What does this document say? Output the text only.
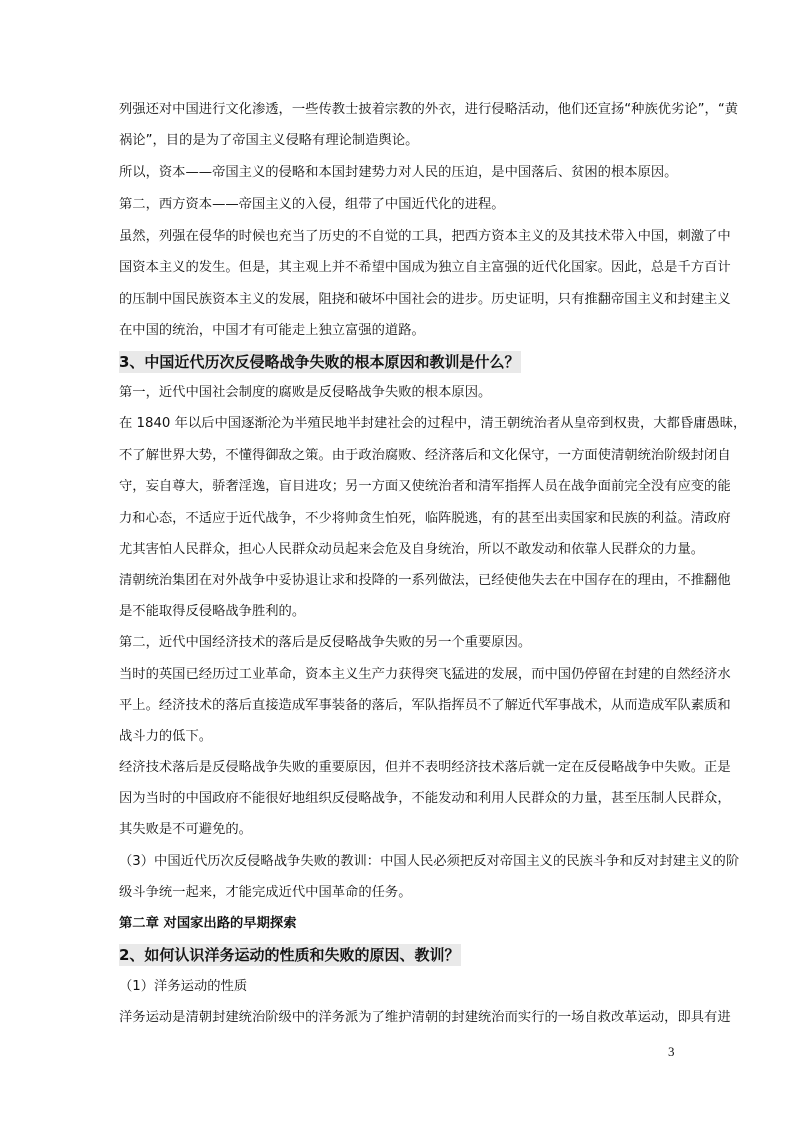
列强还对中国进行文化渗透，一些传教士披着宗教的外衣，进行侵略活动，他们还宣扬“种族优劣论”，“黄
祸论”，目的是为了帝国主义侵略有理论制造舆论。
所以，资本——帝国主义的侵略和本国封建势力对人民的压迫，是中国落后、贫困的根本原因。
第二，西方资本——帝国主义的入侵，组带了中国近代化的进程。
虽然，列强在侵华的时候也充当了历史的不自觉的工具，把西方资本主义的及其技术带入中国，刺激了中
国资本主义的发生。但是，其主观上并不希望中国成为独立自主富强的近代化国家。因此，总是千方百计
的压制中国民族资本主义的发展，阻挠和破坏中国社会的进步。历史证明，只有推翻帝国主义和封建主义
在中国的统治，中国才有可能走上独立富强的道路。
3、中国近代历次反侵略战争失败的根本原因和教训是什么？
第一，近代中国社会制度的腐败是反侵略战争失败的根本原因。
在 1840 年以后中国逐渐沦为半殖民地半封建社会的过程中，清王朝统治者从皇帝到权贵，大都昏庸愚昧，
不了解世界大势，不懂得御敌之策。由于政治腐败、经济落后和文化保守，一方面使清朝统治阶级封闭自
守，妄自尊大，骄奢淫逸，盲目进攻；另一方面又使统治者和清军指挥人员在战争面前完全没有应变的能
力和心态，不适应于近代战争，不少将帅贪生怕死，临阵脱逃，有的甚至出卖国家和民族的利益。清政府
尤其害怕人民群众，担心人民群众动员起来会危及自身统治，所以不敢发动和依靠人民群众的力量。
清朝统治集团在对外战争中妥协退让求和投降的一系列做法，已经使他失去在中国存在的理由，不推翻他
是不能取得反侵略战争胜利的。
第二，近代中国经济技术的落后是反侵略战争失败的另一个重要原因。
当时的英国已经历过工业革命，资本主义生产力获得突飞猛进的发展，而中国仍停留在封建的自然经济水
平上。经济技术的落后直接造成军事装备的落后，军队指挥员不了解近代军事战术，从而造成军队素质和
战斗力的低下。
经济技术落后是反侵略战争失败的重要原因，但并不表明经济技术落后就一定在反侵略战争中失败。正是
因为当时的中国政府不能很好地组织反侵略战争，不能发动和利用人民群众的力量，甚至压制人民群众，
其失败是不可避免的。
（3）中国近代历次反侵略战争失败的教训：中国人民必须把反对帝国主义的民族斗争和反对封建主义的阶
级斗争统一起来，才能完成近代中国革命的任务。
第二章 对国家出路的早期探索
2、如何认识洋务运动的性质和失败的原因、教训？
（1）洋务运动的性质
洋务运动是清朝封建统治阶级中的洋务派为了维护清朝的封建统治而实行的一场自救改革运动，即具有进
3
